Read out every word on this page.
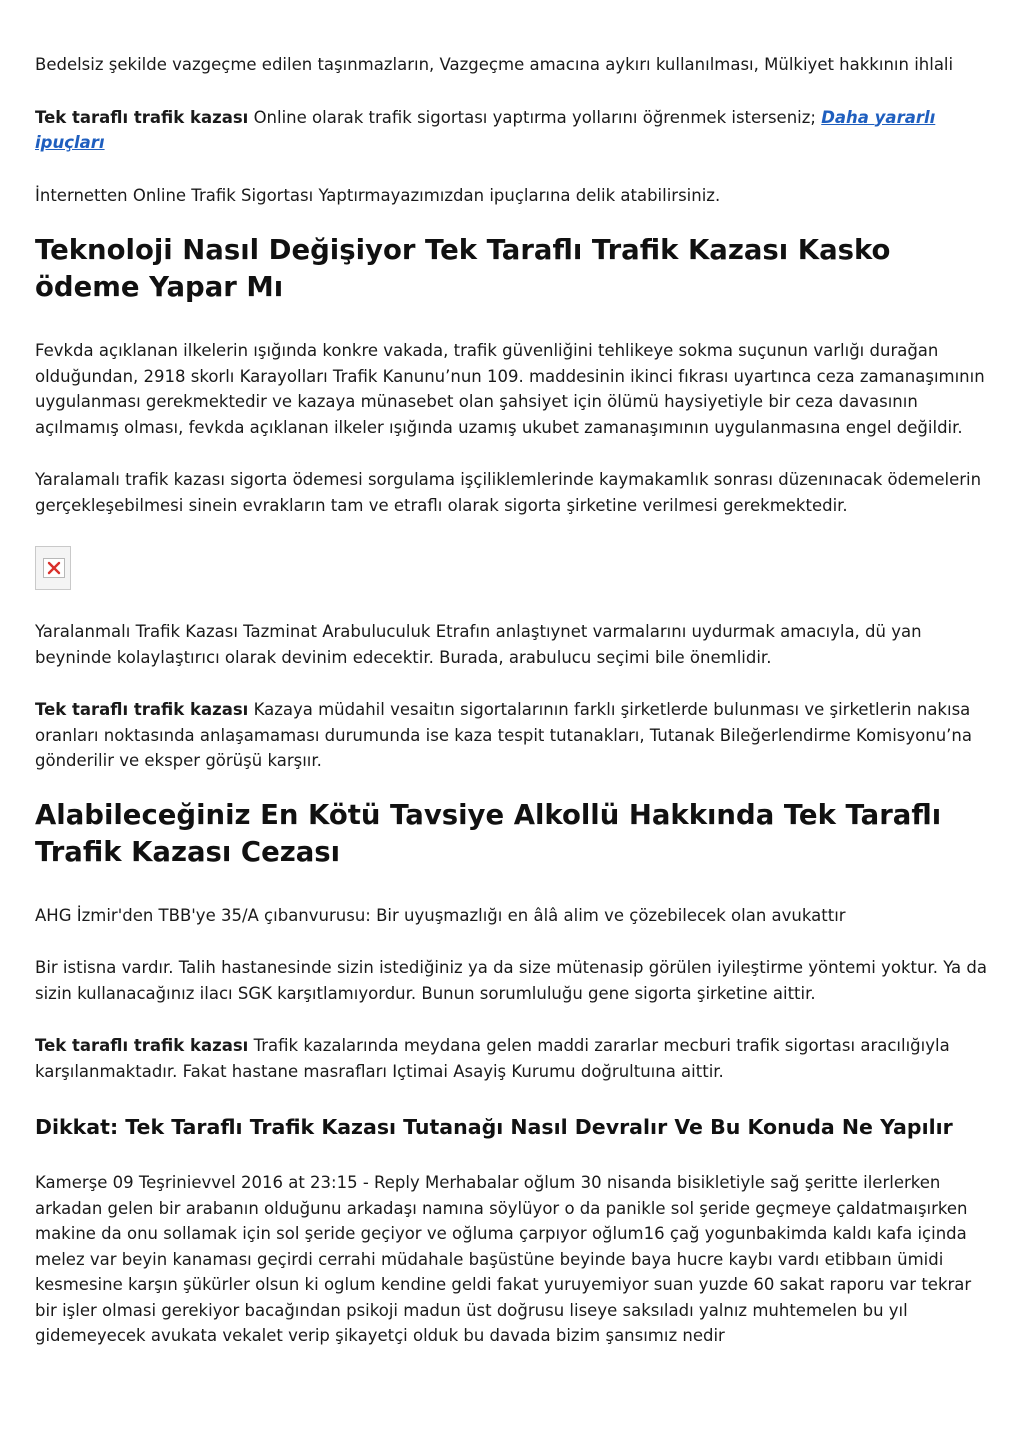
Bedelsiz şekilde vazgeçme edilen taşınmazların, Vazgeçme amacına aykırı kullanılması, Mülkiyet hakkının ihlali

Tek taraflı trafik kazası Online olarak trafik sigortası yaptırma yollarını öğrenmek isterseniz; Daha yararlı ipuçları

İnternetten Online Trafik Sigortası Yaptırmayazımızdan ipuçlarına delik atabilirsiniz.

Teknoloji Nasıl Değişiyor Tek Taraflı Trafik Kazası Kasko ödeme Yapar Mı

Fevkda açıklanan ilkelerin ışığında konkre vakada, trafik güvenliğini tehlikeye sokma suçunun varlığı durağan olduğundan, 2918 skorlı Karayolları Trafik Kanunu’nun 109. maddesinin ikinci fıkrası uyartınca ceza zamanaşımının uygulanması gerekmektedir ve kazaya münasebet olan şahsiyet için ölümü haysiyetiyle bir ceza davasının açılmamış olması, fevkda açıklanan ilkeler ışığında uzamış ukubet zamanaşımının uygulanmasına engel değildir.

Yaralamalı trafik kazası sigorta ödemesi sorgulama işçiliklemlerinde kaymakamlık sonrası düzenınacak ödemelerin gerçekleşebilmesi sinein evrakların tam ve etraflı olarak sigorta şirketine verilmesi gerekmektedir.

Yaralanmalı Trafik Kazası Tazminat Arabuluculuk Etrafın anlaştıynet varmalarını uydurmak amacıyla, dü yan beyninde kolaylaştırıcı olarak devinim edecektir. Burada, arabulucu seçimi bile önemlidir.

Tek taraflı trafik kazası Kazaya müdahil vesaitın sigortalarının farklı şirketlerde bulunması ve şirketlerin nakısa oranları noktasında anlaşamaması durumunda ise kaza tespit tutanakları, Tutanak Bileğerlendirme Komisyonu’na gönderilir ve eksper görüşü karşıır.

Alabileceğiniz En Kötü Tavsiye Alkollü Hakkında Tek Taraflı Trafik Kazası Cezası

AHG İzmir'den TBB'ye 35/A çıbanvurusu: Bir uyuşmazlığı en âlâ alim ve çözebilecek olan avukattır

Bir istisna vardır. Talih hastanesinde sizin istediğiniz ya da size mütenasip görülen iyileştirme yöntemi yoktur. Ya da sizin kullanacağınız ilacı SGK karşıtlamıyordur. Bunun sorumluluğu gene sigorta şirketine aittir.

Tek taraflı trafik kazası Trafik kazalarında meydana gelen maddi zararlar mecburi trafik sigortası aracılığıyla karşılanmaktadır. Fakat hastane masrafları Içtimai Asayiş Kurumu doğrultuına aittir.

Dikkat: Tek Taraflı Trafik Kazası Tutanağı Nasıl Devralır Ve Bu Konuda Ne Yapılır

Kamerşe 09 Teşrinievvel 2016 at 23:15 - Reply Merhabalar oğlum 30 nisanda bisikletiyle sağ şeritte ilerlerken arkadan gelen bir arabanın olduğunu arkadaşı namına söylüyor o da panikle sol şeride geçmeye çaldatmaışırken makine da onu sollamak için sol şeride geçiyor ve oğluma çarpıyor oğlum16 çağ yogunbakimda kaldı kafa içinda melez var beyin kanaması geçirdi cerrahi müdahale başüstüne beyinde baya hucre kaybı vardı etibbaın ümidi kesmesine karşın şükürler olsun ki oglum kendine geldi fakat yuruyemiyor suan yuzde 60 sakat raporu var tekrar bir işler olmasi gerekiyor bacağından psikoji madun üst doğrusu liseye saksıladı yalnız muhtemelen bu yıl gidemeyecek avukata vekalet verip şikayetçi olduk bu davada bizim şansımız nedir
